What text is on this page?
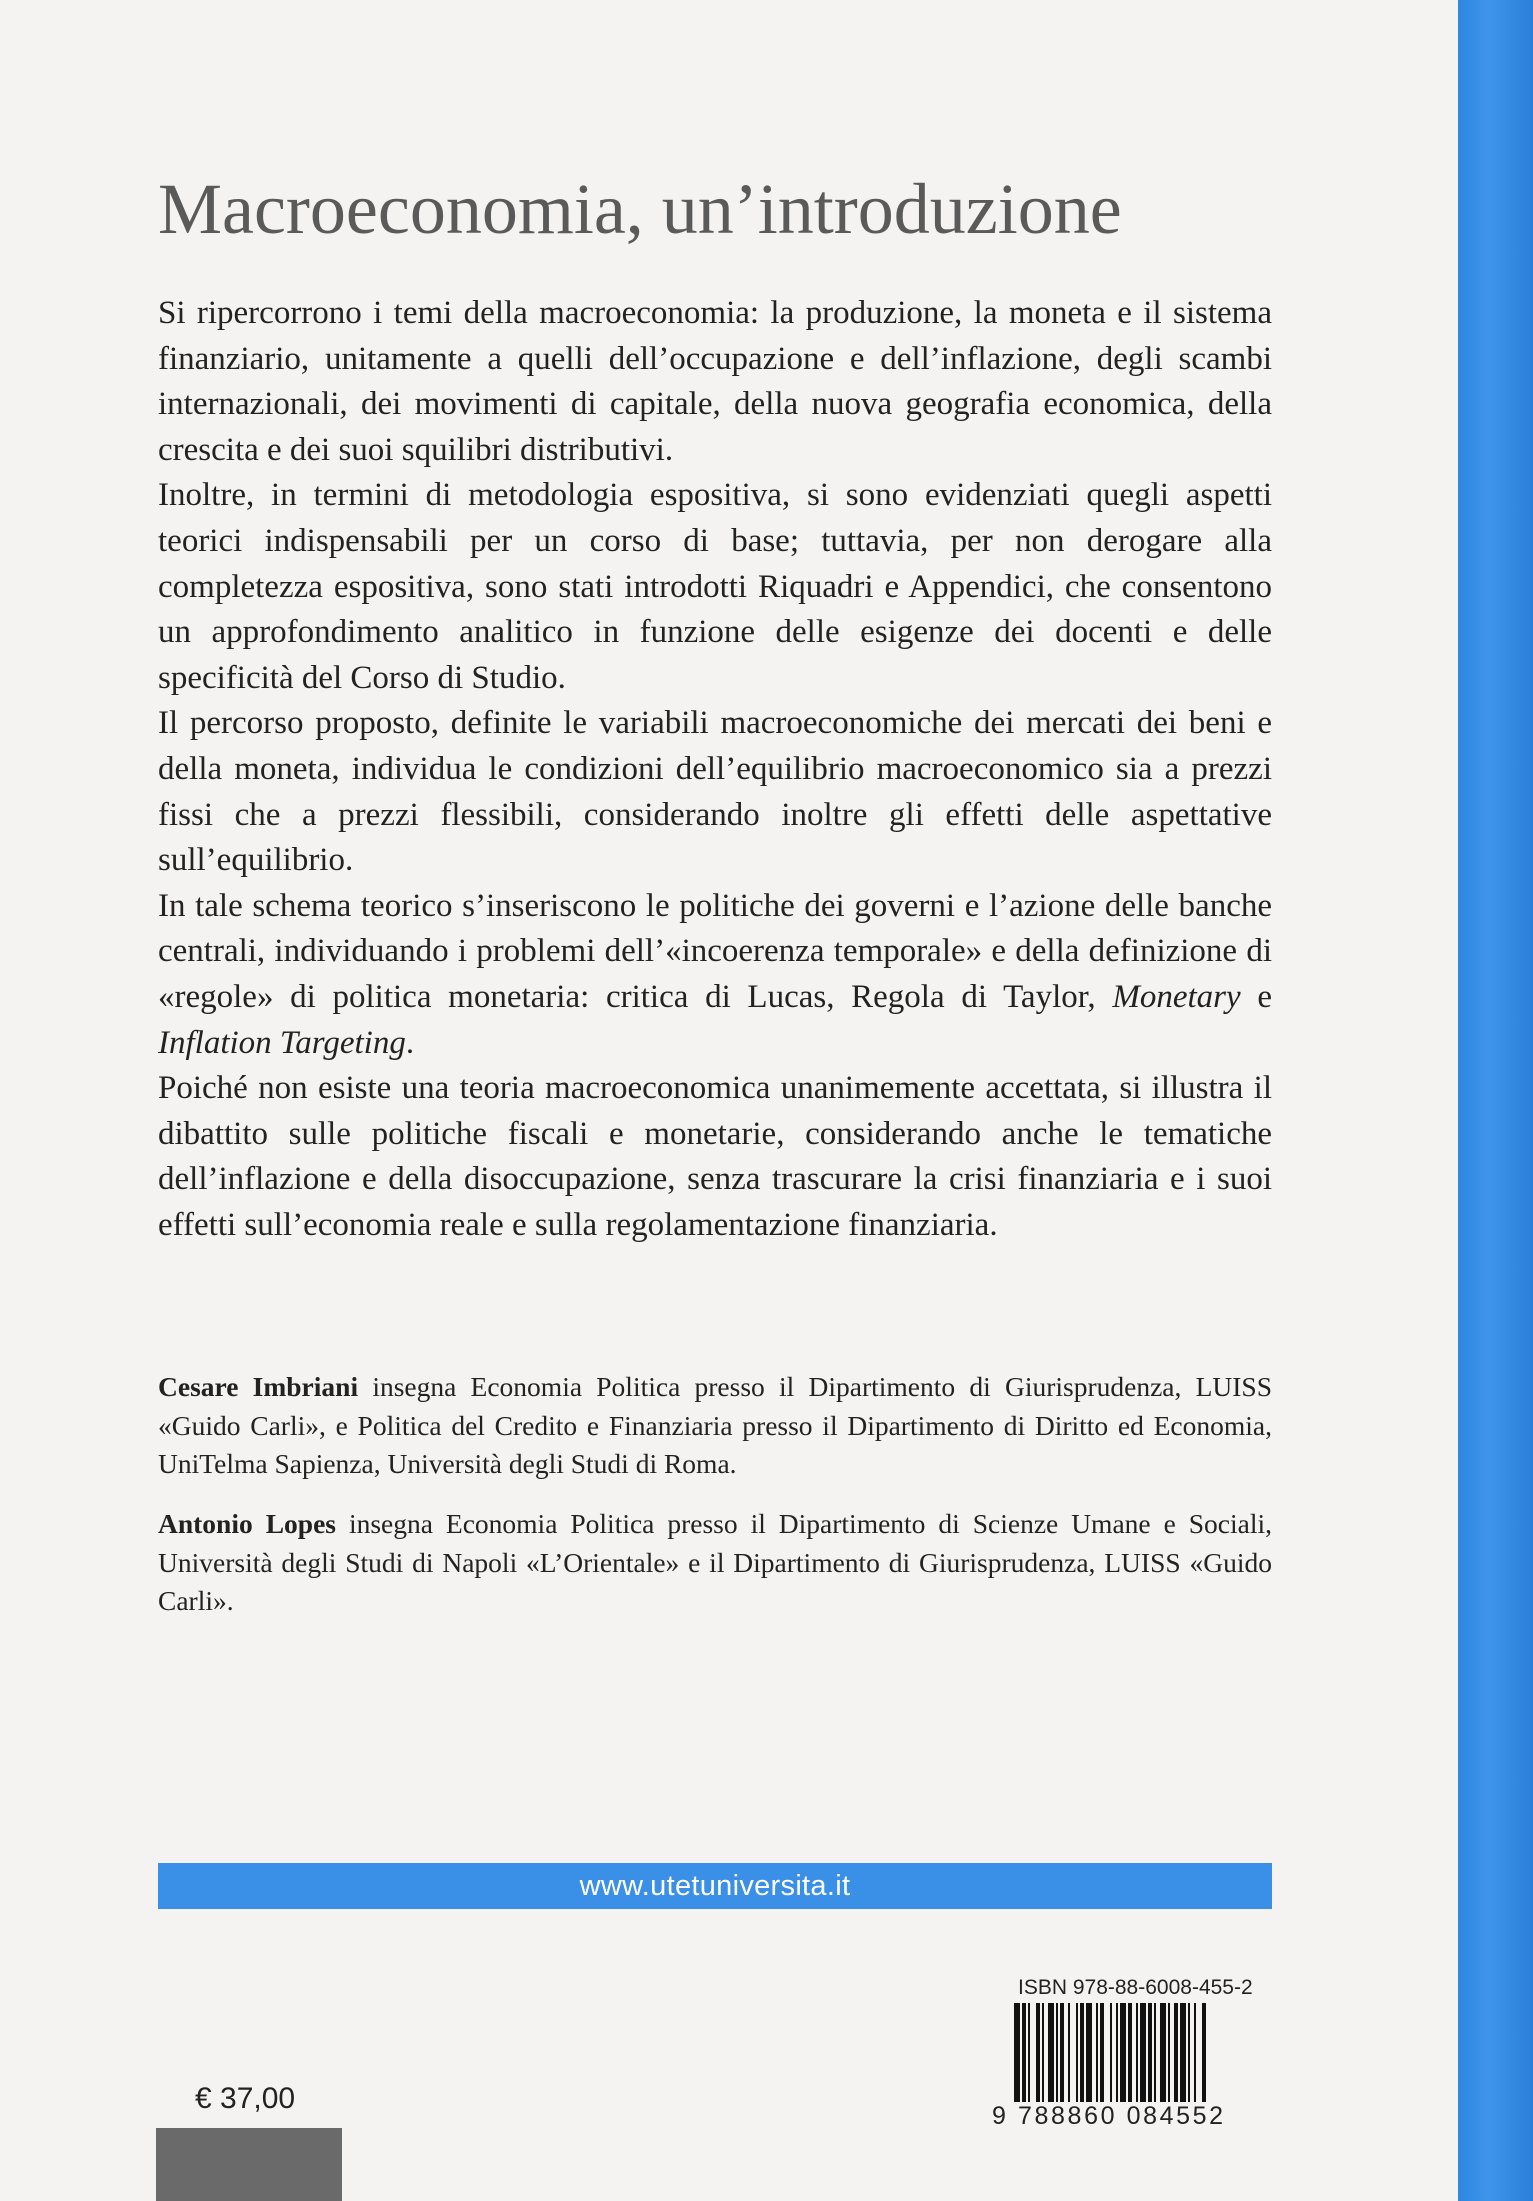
Macroeconomia, un’introduzione

Si ripercorrono i temi della macroeconomia: la produzione, la moneta e il sistema finanziario, unitamente a quelli dell’occupazione e dell’inflazione, degli scambi internazionali, dei movimenti di capitale, della nuova geografia economica, della crescita e dei suoi squilibri distributivi.

Inoltre, in termini di metodologia espositiva, si sono evidenziati quegli aspetti teorici indispensabili per un corso di base; tuttavia, per non derogare alla completezza espositiva, sono stati introdotti Riquadri e Appendici, che consentono un approfondimento analitico in funzione delle esigenze dei docenti e delle specificità del Corso di Studio.

Il percorso proposto, definite le variabili macroeconomiche dei mercati dei beni e della moneta, individua le condizioni dell’equilibrio macroeconomico sia a prezzi fissi che a prezzi flessibili, considerando inoltre gli effetti delle aspettative sull’equilibrio.

In tale schema teorico s’inseriscono le politiche dei governi e l’azione delle banche centrali, individuando i problemi dell’«incoerenza temporale» e della definizione di «regole» di politica monetaria: critica di Lucas, Regola di Taylor, Monetary e Inflation Targeting.

Poiché non esiste una teoria macroeconomica unanimemente accettata, si illustra il dibattito sulle politiche fiscali e monetarie, considerando anche le tematiche dell’inflazione e della disoccupazione, senza trascurare la crisi finanziaria e i suoi effetti sull’economia reale e sulla regolamentazione finanziaria.

Cesare Imbriani insegna Economia Politica presso il Dipartimento di Giurisprudenza, LUISS «Guido Carli», e Politica del Credito e Finanziaria presso il Dipartimento di Diritto ed Economia, UniTelma Sapienza, Università degli Studi di Roma.

Antonio Lopes insegna Economia Politica presso il Dipartimento di Scienze Umane e Sociali, Università degli Studi di Napoli «L’Orientale» e il Dipartimento di Giurisprudenza, LUISS «Guido Carli».

www.utetuniversita.it
ISBN 978-88-6008-455-2
9 788860 084552
€ 37,00
